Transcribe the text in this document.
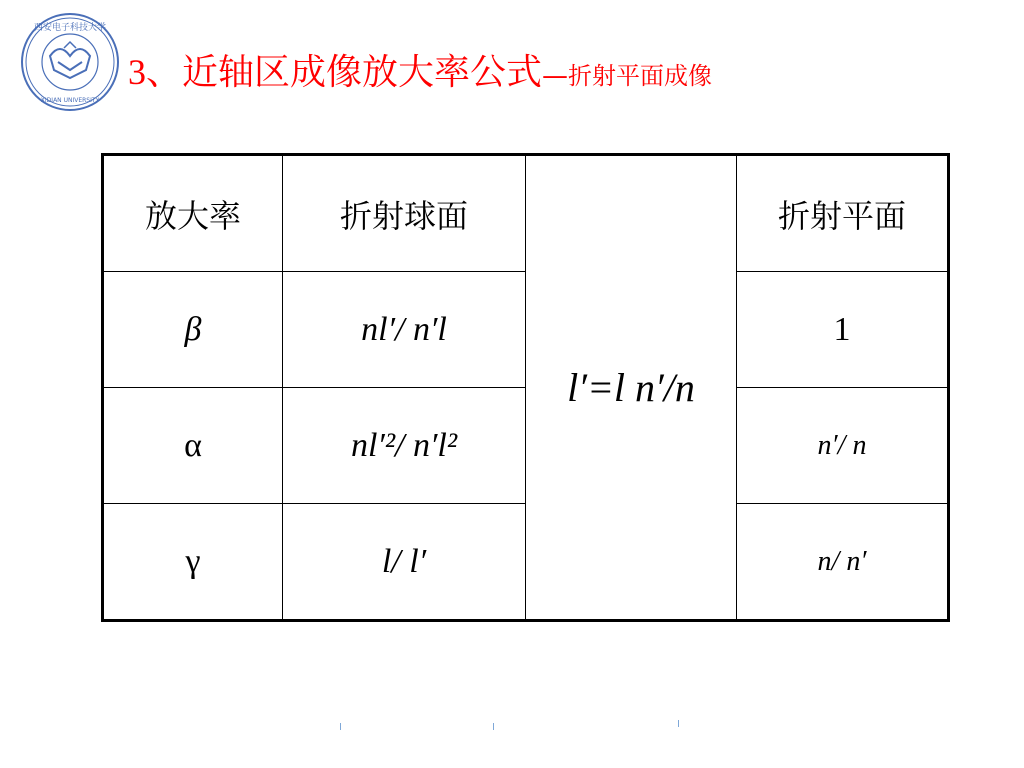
西安电子科技大学
XIDIAN UNIVERSITY
3、近轴区成像放大率公式—折射平面成像
放大率	折射球面	l′=l n′/n	折射平面
β	nl′/ n′l		1
α	nl′²/ n′l²		n′/ n
γ	l/ l′		n/ n′
